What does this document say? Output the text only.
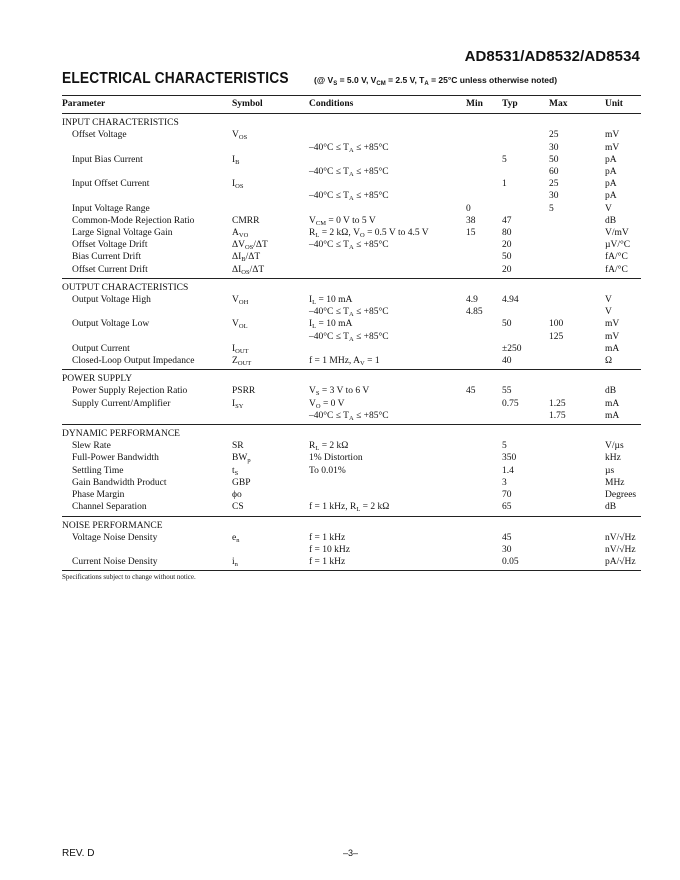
AD8531/AD8532/AD8534
ELECTRICAL CHARACTERISTICS	(@ $V_S = 5.0$ V, $V_{CM} = 2.5$ V, $T_A = 25^\circ C$ unless otherwise noted)
Parameter	Symbol	Conditions	Min	Typ	Max	Unit
INPUT CHARACTERISTICS						
Offset Voltage	$V_{OS}$				25	mV
		$-40^\circ C \le T_A \le +85^\circ C$			30	mV
Input Bias Current	$I_B$			5	50	pA
		$-40^\circ C \le T_A \le +85^\circ C$			60	pA
Input Offset Current	$I_{OS}$			1	25	pA
		$-40^\circ C \le T_A \le +85^\circ C$			30	pA
Input Voltage Range			0		5	V
Common-Mode Rejection Ratio	CMRR	$V_{CM} = 0$ V to 5 V	38	47		dB
Large Signal Voltage Gain	$A_{VO}$	$R_L = 2$ kΩ, $V_O = 0.5$ V to 4.5 V	15	80		V/mV
Offset Voltage Drift	$\Delta V_{OS}/\Delta T$	$-40^\circ C \le T_A \le +85^\circ C$		20		µV/°C
Bias Current Drift	$\Delta I_B/\Delta T$			50		fA/°C
Offset Current Drift	$\Delta I_{OS}/\Delta T$			20		fA/°C
OUTPUT CHARACTERISTICS						
Output Voltage High	$V_{OH}$	$I_L = 10$ mA	4.9	4.94		V
		$-40^\circ C \le T_A \le +85^\circ C$	4.85			V
Output Voltage Low	$V_{OL}$	$I_L = 10$ mA		50	100	mV
		$-40^\circ C \le T_A \le +85^\circ C$			125	mV
Output Current	$I_{OUT}$			±250		mA
Closed-Loop Output Impedance	$Z_{OUT}$	f = 1 MHz, $A_V = 1$		40		Ω
POWER SUPPLY						
Power Supply Rejection Ratio	PSRR	$V_S = 3$ V to 6 V	45	55		dB
Supply Current/Amplifier	$I_{SY}$	$V_O = 0$ V		0.75	1.25	mA
		$-40^\circ C \le T_A \le +85^\circ C$			1.75	mA
DYNAMIC PERFORMANCE						
Slew Rate	SR	$R_L = 2$ kΩ		5		V/µs
Full-Power Bandwidth	$BW_p$	1% Distortion		350		kHz
Settling Time	$t_S$	To 0.01%		1.4		µs
Gain Bandwidth Product	GBP			3		MHz
Phase Margin	ϕo			70		Degrees
Channel Separation	CS	f = 1 kHz, $R_L = 2$ kΩ		65		dB
NOISE PERFORMANCE						
Voltage Noise Density	$e_n$	f = 1 kHz		45		nV/√Hz
		f = 10 kHz		30		nV/√Hz
Current Noise Density	$i_n$	f = 1 kHz		0.05		pA/√Hz
Specifications subject to change without notice.
REV. D	–3–
